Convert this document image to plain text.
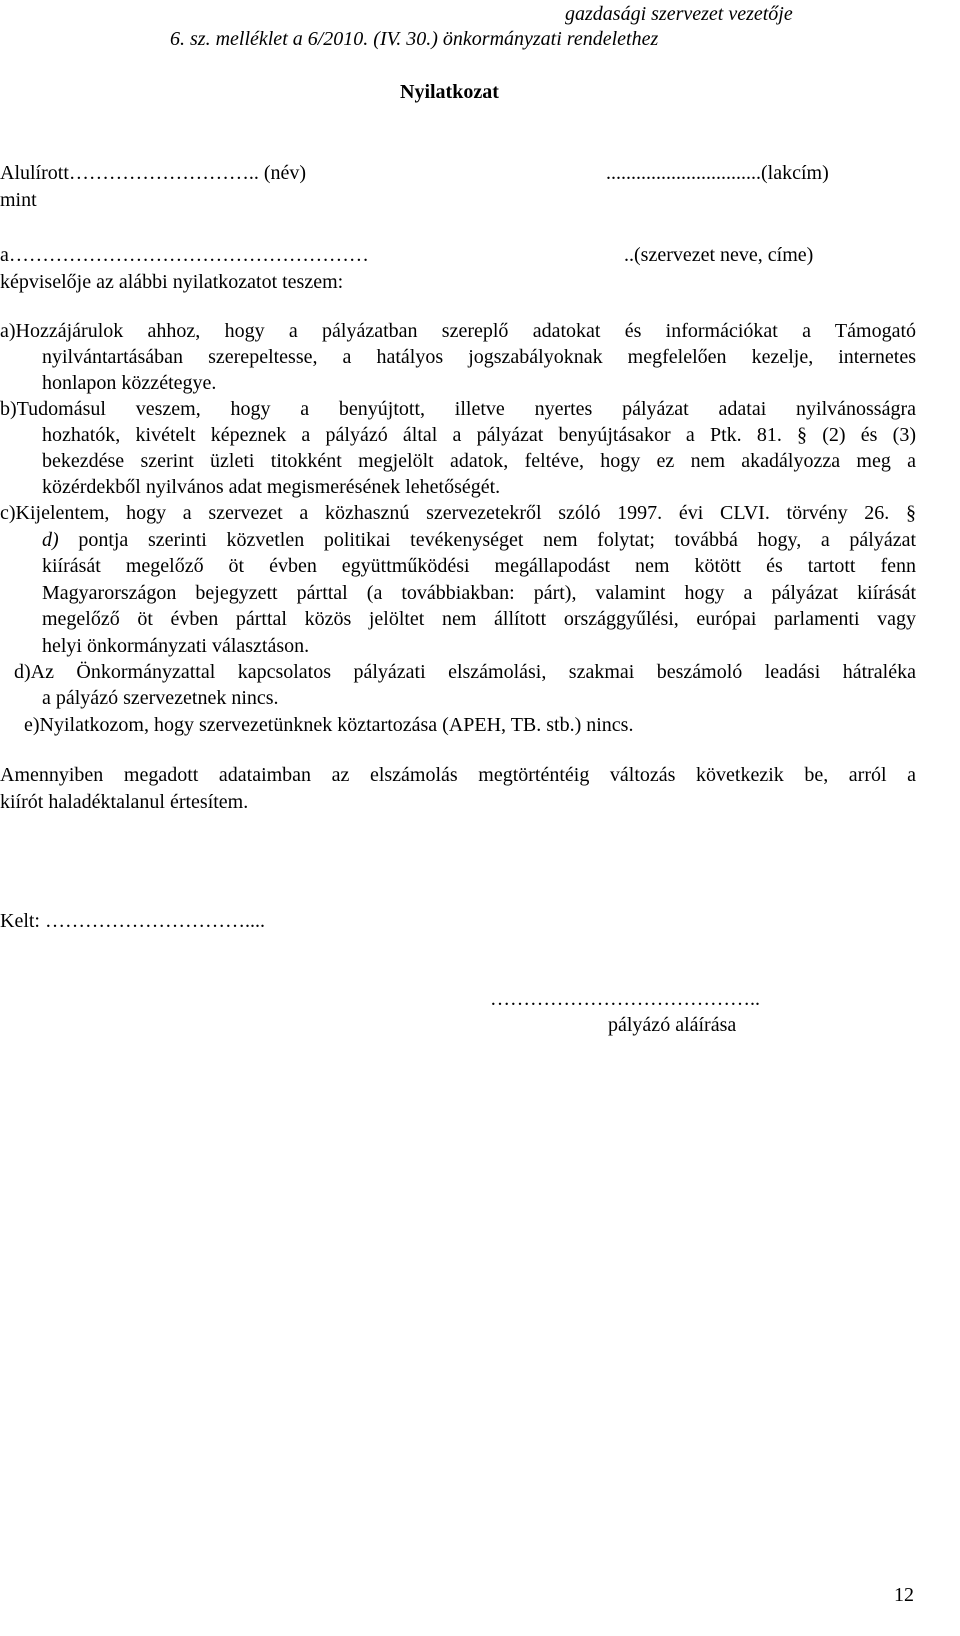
gazdasági szervezet vezetője
6. sz. melléklet a 6/2010. (IV. 30.) önkormányzati rendelethez
Nyilatkozat
Alulírott……………………….. (név)	...............................(lakcím)
mint
a………………………………………………	..(szervezet neve, címe)
képviselője az alábbi nyilatkozatot teszem:
a)Hozzájárulok ahhoz, hogy a pályázatban szereplő adatokat és információkat a Támogató
nyilvántartásában szerepeltesse, a hatályos jogszabályoknak megfelelően kezelje, internetes
honlapon közzétegye.
b)Tudomásul veszem, hogy a benyújtott, illetve nyertes pályázat adatai nyilvánosságra
hozhatók, kivételt képeznek a pályázó által a pályázat benyújtásakor a Ptk. 81. § (2) és (3)
bekezdése szerint üzleti titokként megjelölt adatok, feltéve, hogy ez nem akadályozza meg a
közérdekből nyilvános adat megismerésének lehetőségét.
c)Kijelentem, hogy a szervezet a közhasznú szervezetekről szóló 1997. évi CLVI. törvény 26. §
d) pontja szerinti közvetlen politikai tevékenységet nem folytat; továbbá hogy, a pályázat
kiírását megelőző öt évben együttműködési megállapodást nem kötött és tartott fenn
Magyarországon bejegyzett párttal (a továbbiakban: párt), valamint hogy a pályázat kiírását
megelőző öt évben párttal közös jelöltet nem állított országgyűlési, európai parlamenti vagy
helyi önkormányzati választáson.
d)Az Önkormányzattal kapcsolatos pályázati elszámolási, szakmai beszámoló leadási hátraléka
a pályázó szervezetnek nincs.
e)Nyilatkozom, hogy szervezetünknek köztartozása (APEH, TB. stb.) nincs.
Amennyiben megadott adataimban az elszámolás megtörténtéig változás következik be, arról a
kiírót haladéktalanul értesítem.
Kelt: …………………………....
…………………………………..
pályázó aláírása
12
